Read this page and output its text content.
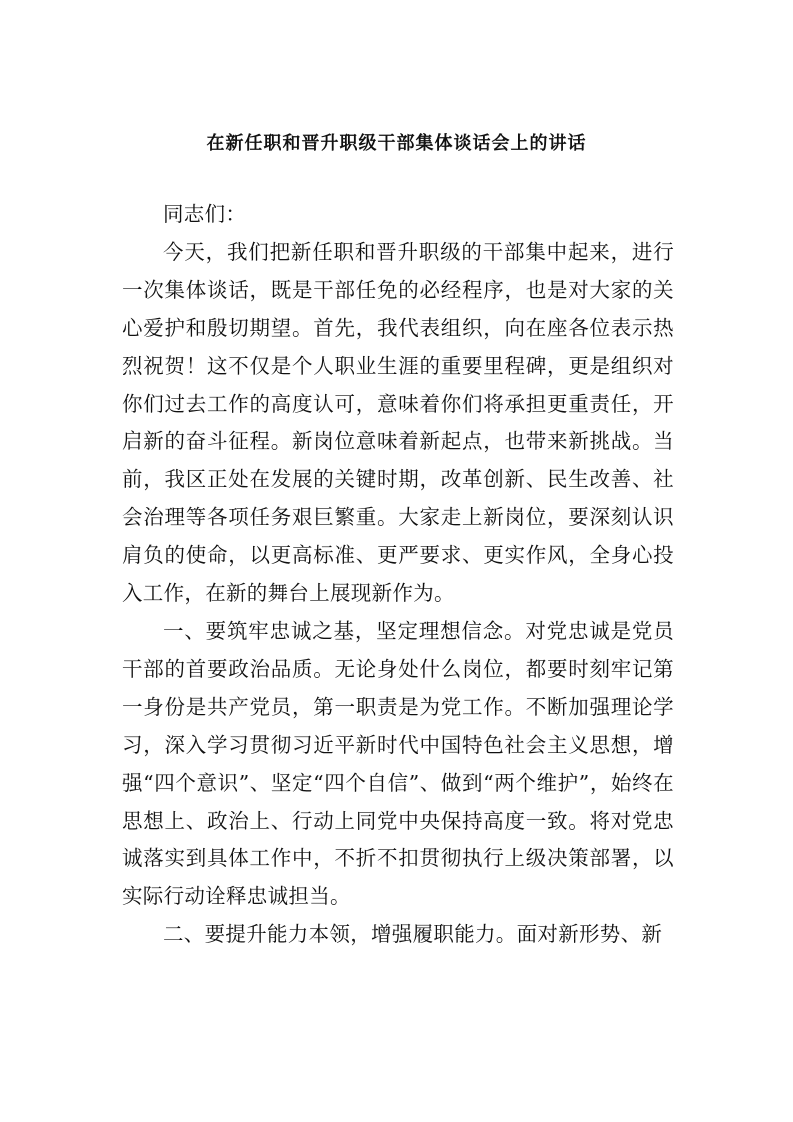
在新任职和晋升职级干部集体谈话会上的讲话

同志们：

今天，我们把新任职和晋升职级的干部集中起来，进行一次集体谈话，既是干部任免的必经程序，也是对大家的关心爱护和殷切期望。首先，我代表组织，向在座各位表示热烈祝贺！这不仅是个人职业生涯的重要里程碑，更是组织对你们过去工作的高度认可，意味着你们将承担更重责任，开启新的奋斗征程。新岗位意味着新起点，也带来新挑战。当前，我区正处在发展的关键时期，改革创新、民生改善、社会治理等各项任务艰巨繁重。大家走上新岗位，要深刻认识肩负的使命，以更高标准、更严要求、更实作风，全身心投入工作，在新的舞台上展现新作为。

一、要筑牢忠诚之基，坚定理想信念。对党忠诚是党员干部的首要政治品质。无论身处什么岗位，都要时刻牢记第一身份是共产党员，第一职责是为党工作。不断加强理论学习，深入学习贯彻习近平新时代中国特色社会主义思想，增强“四个意识”、坚定“四个自信”、做到“两个维护”，始终在思想上、政治上、行动上同党中央保持高度一致。将对党忠诚落实到具体工作中，不折不扣贯彻执行上级决策部署，以实际行动诠释忠诚担当。

二、要提升能力本领，增强履职能力。面对新形势、新
